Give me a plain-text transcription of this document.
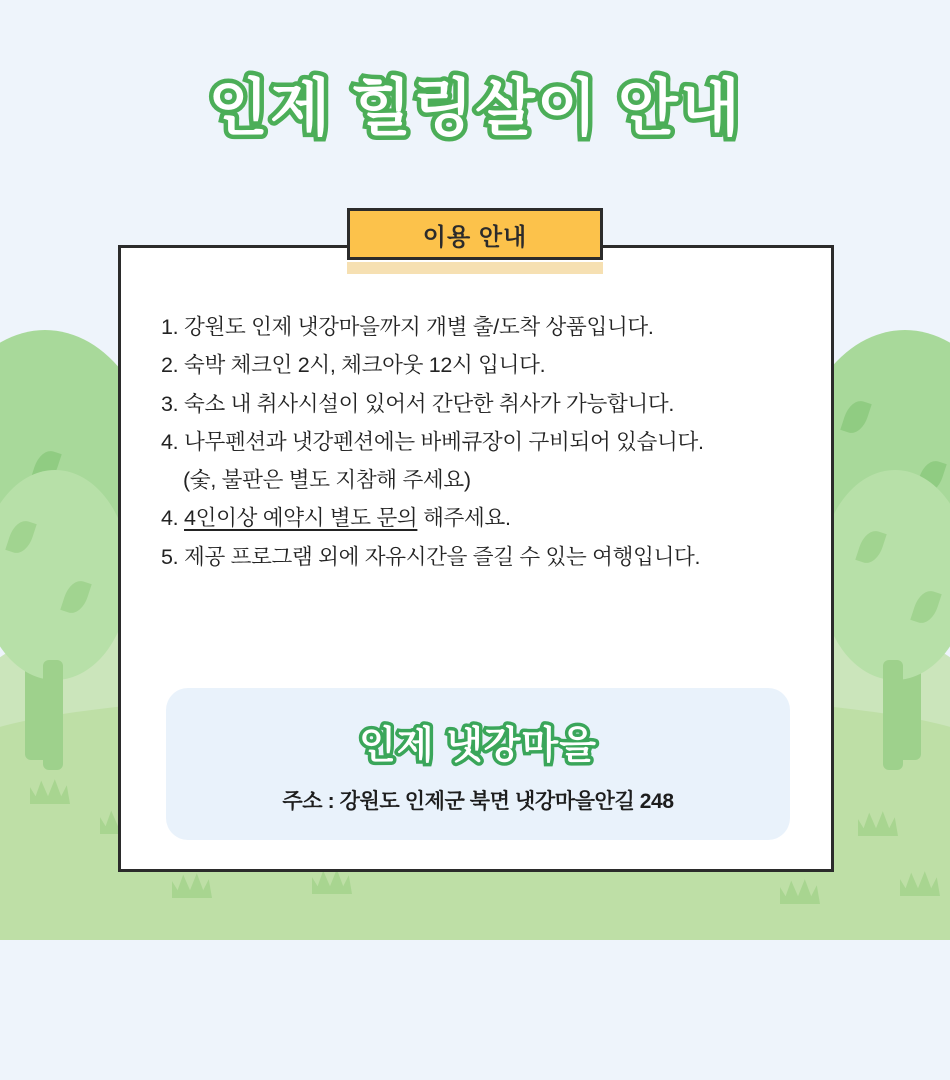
인제 힐링살이 안내
이용 안내
1. 강원도 인제 냇강마을까지 개별 출/도착 상품입니다.
2. 숙박 체크인 2시, 체크아웃 12시 입니다.
3. 숙소 내 취사시설이 있어서 간단한 취사가 가능합니다.
4. 나무펜션과 냇강펜션에는 바베큐장이 구비되어 있습니다.
(숯, 불판은 별도 지참해 주세요)
4. 4인이상 예약시 별도 문의 해주세요.
5. 제공 프로그램 외에 자유시간을 즐길 수 있는 여행입니다.
인제 냇강마을
주소 : 강원도 인제군 북면 냇강마을안길 248
